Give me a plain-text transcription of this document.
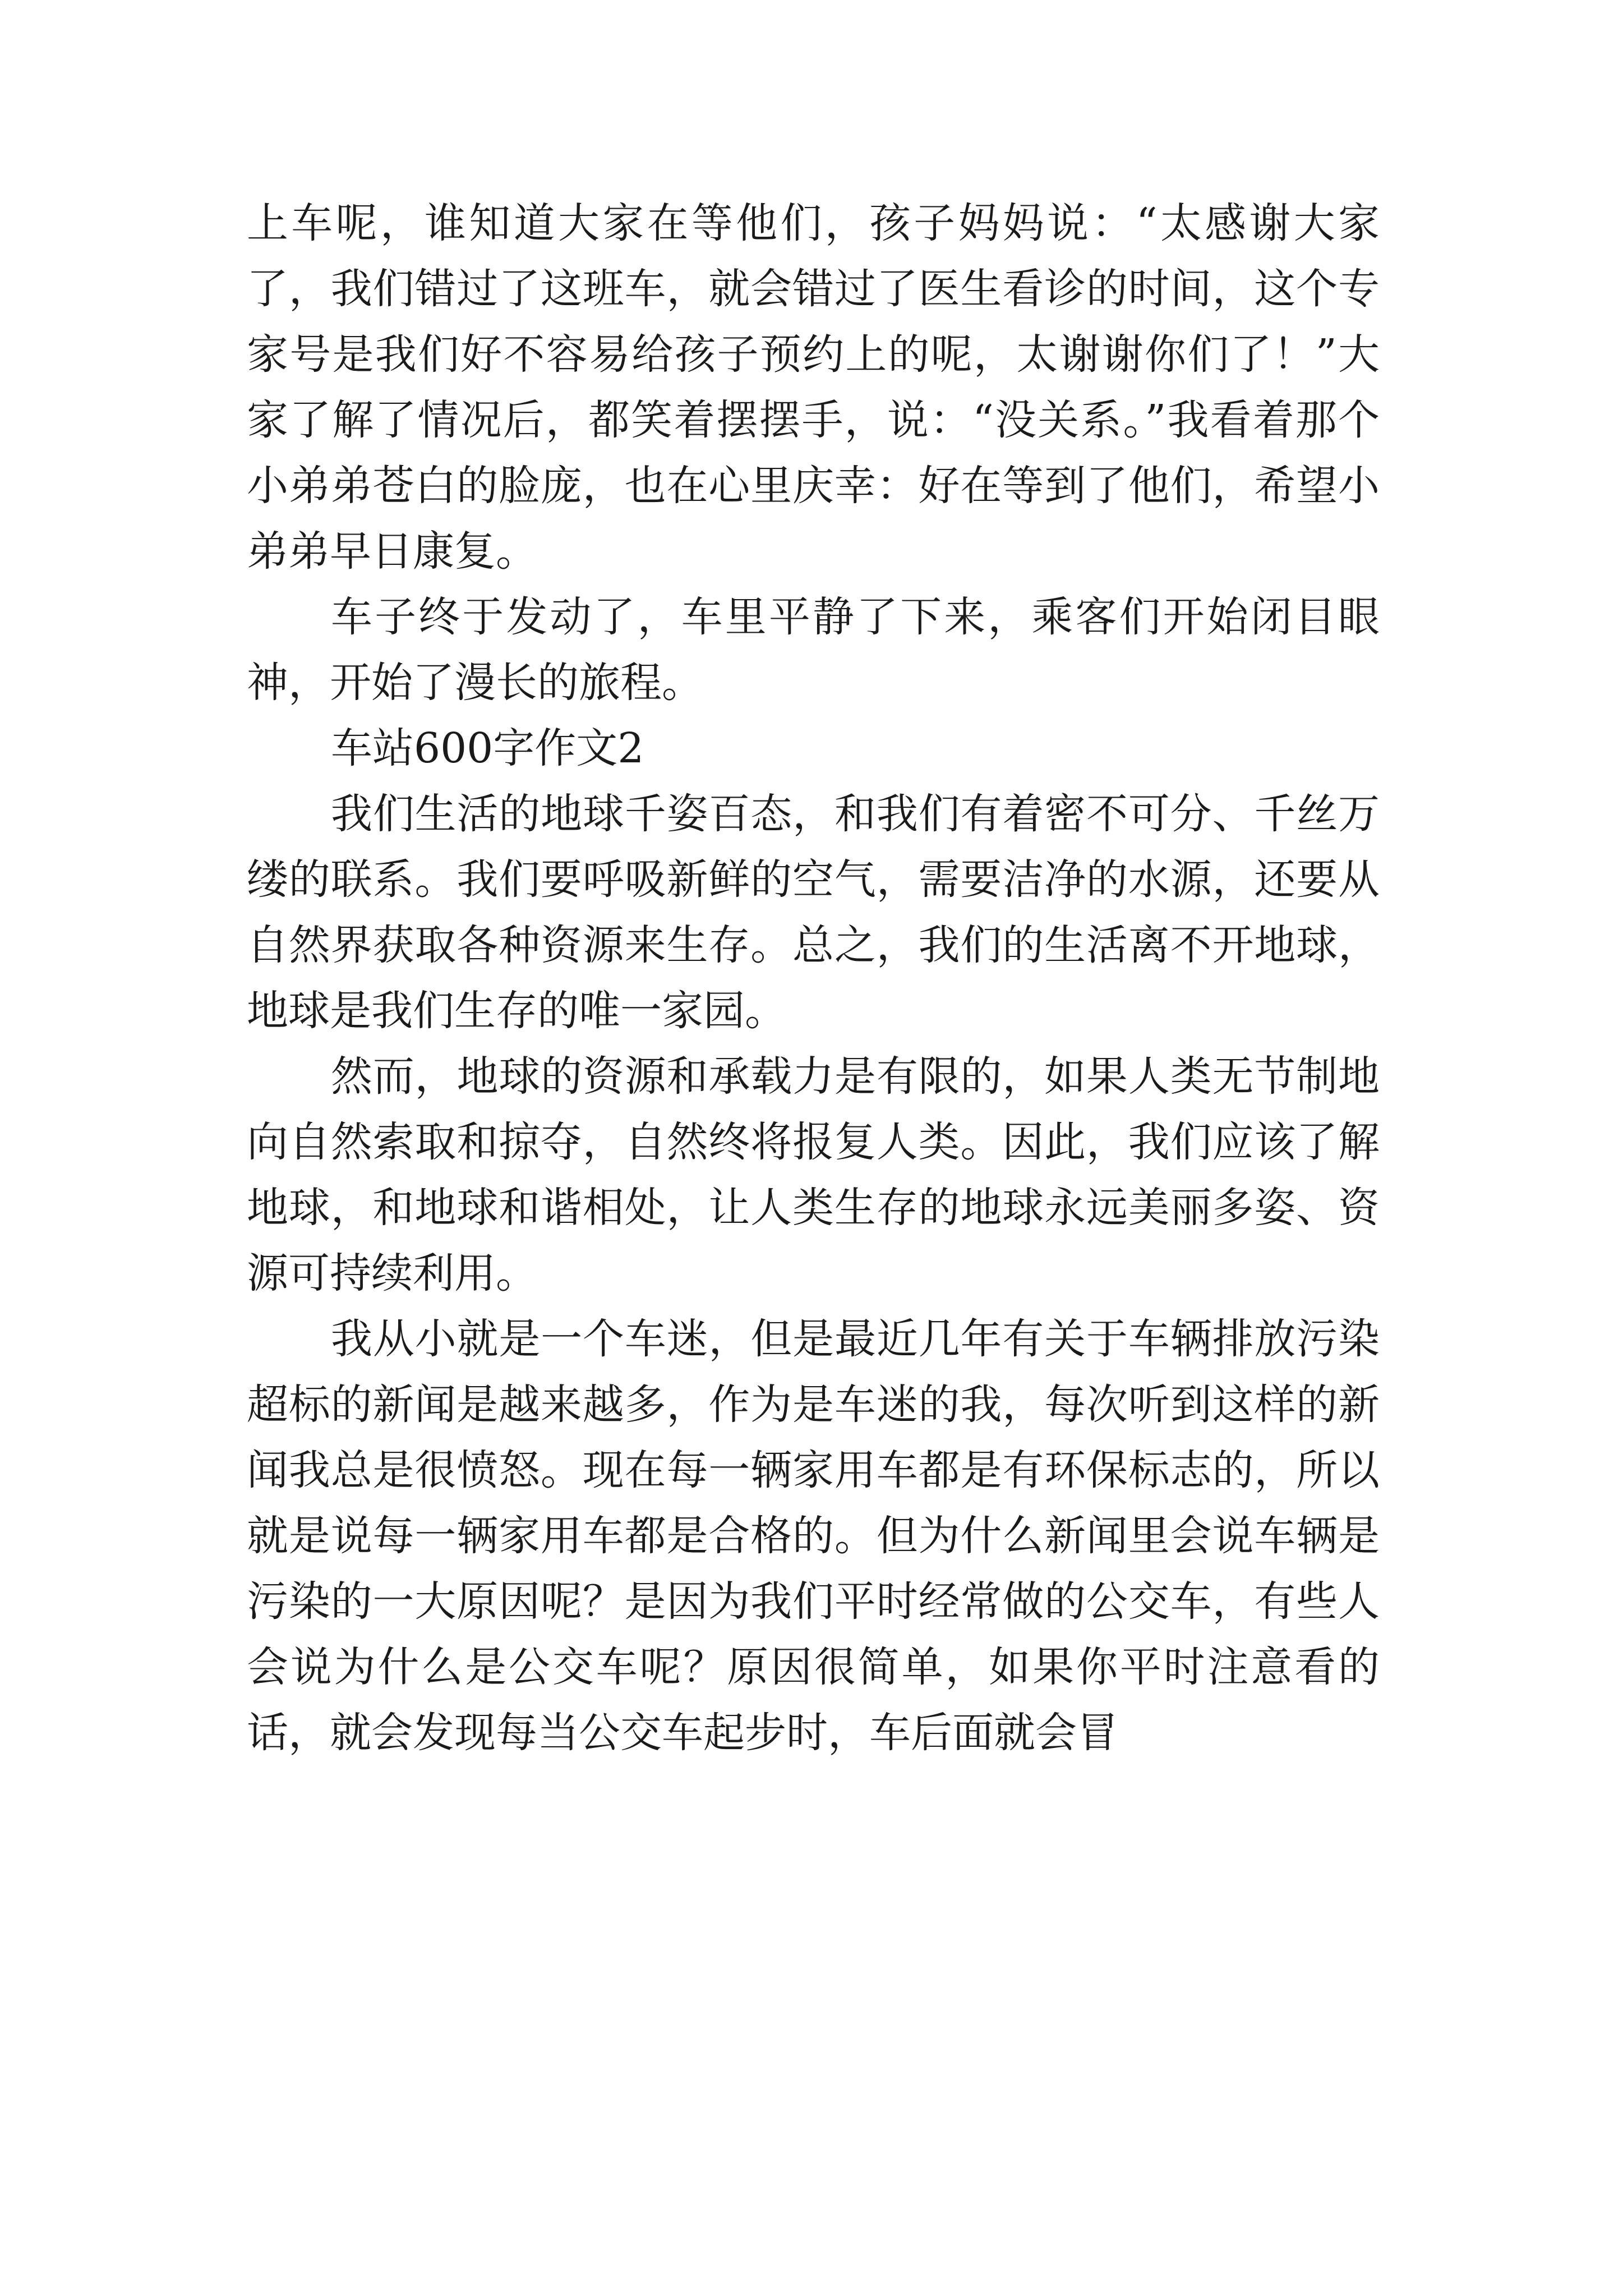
上车呢，谁知道大家在等他们，孩子妈妈说：“太感谢大家了，我们错过了这班车，就会错过了医生看诊的时间，这个专家号是我们好不容易给孩子预约上的呢，太谢谢你们了！”大家了解了情况后，都笑着摆摆手，说：“没关系。”我看着那个小弟弟苍白的脸庞，也在心里庆幸：好在等到了他们，希望小弟弟早日康复。

车子终于发动了，车里平静了下来，乘客们开始闭目眼神，开始了漫长的旅程。

车站600字作文2

我们生活的地球千姿百态，和我们有着密不可分、千丝万缕的联系。我们要呼吸新鲜的空气，需要洁净的水源，还要从自然界获取各种资源来生存。总之，我们的生活离不开地球，地球是我们生存的唯一家园。

然而，地球的资源和承载力是有限的，如果人类无节制地向自然索取和掠夺，自然终将报复人类。因此，我们应该了解地球，和地球和谐相处，让人类生存的地球永远美丽多姿、资源可持续利用。

我从小就是一个车迷，但是最近几年有关于车辆排放污染超标的新闻是越来越多，作为是车迷的我，每次听到这样的新闻我总是很愤怒。现在每一辆家用车都是有环保标志的，所以就是说每一辆家用车都是合格的。但为什么新闻里会说车辆是污染的一大原因呢？是因为我们平时经常做的公交车，有些人会说为什么是公交车呢？原因很简单，如果你平时注意看的话，就会发现每当公交车起步时，车后面就会冒
